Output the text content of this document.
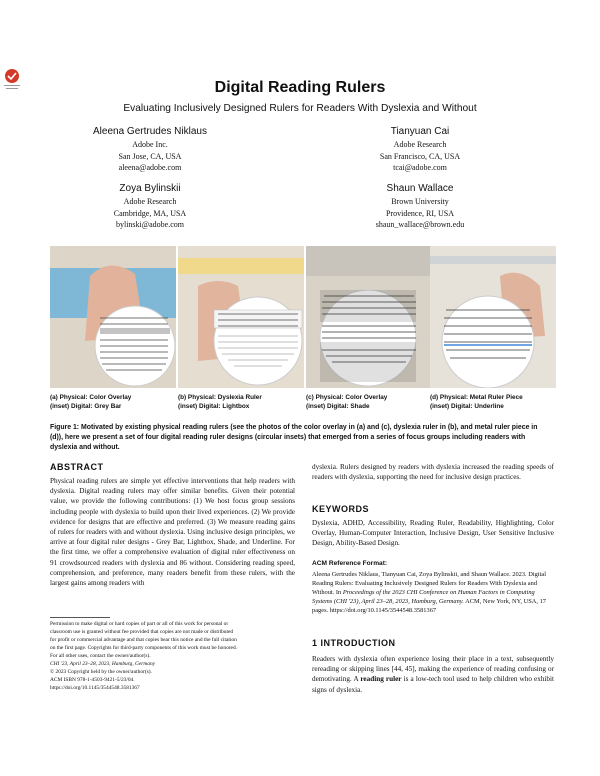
Digital Reading Rulers
Evaluating Inclusively Designed Rulers for Readers With Dyslexia and Without
Aleena Gertrudes Niklaus
Adobe Inc.
San Jose, CA, USA
aleena@adobe.com
Tianyuan Cai
Adobe Research
San Francisco, CA, USA
tcai@adobe.com
Zoya Bylinskii
Adobe Research
Cambridge, MA, USA
bylinski@adobe.com
Shaun Wallace
Brown University
Providence, RI, USA
shaun_wallace@brown.edu
(a) Physical: Color Overlay
(inset) Digital: Grey Bar
(b) Physical: Dyslexia Ruler
(inset) Digital: Lightbox
(c) Physical: Color Overlay
(inset) Digital: Shade
(d) Physical: Metal Ruler Piece
(inset) Digital: Underline
Figure 1: Motivated by existing physical reading rulers (see the photos of the color overlay in (a) and (c), dyslexia ruler in (b), and metal ruler piece in (d)), here we present a set of four digital reading ruler designs (circular insets) that emerged from a series of focus groups including readers with dyslexia and without.
ABSTRACT
Physical reading rulers are simple yet effective interventions that help readers with dyslexia. Digital reading rulers may offer similar benefits. Given their potential value, we provide the following contributions: (1) We host focus group sessions including people with dyslexia to build upon their lived experiences. (2) We provide evidence for designs that are effective and preferred. (3) We measure reading gains of rulers for readers with and without dyslexia. Using inclusive design principles, we arrive at four digital ruler designs - Grey Bar, Lightbox, Shade, and Underline. For the first time, we offer a comprehensive evaluation of digital ruler effectiveness on 91 crowdsourced readers with dyslexia and 86 without. Considering reading speed, comprehension, and preference, many readers benefit from these rulers, with the largest gains among readers with
Permission to make digital or hard copies of part or all of this work for personal or
classroom use is granted without fee provided that copies are not made or distributed
for profit or commercial advantage and that copies bear this notice and the full citation
on the first page. Copyrights for third-party components of this work must be honored.
For all other uses, contact the owner/author(s).
CHI '23, April 23–28, 2023, Hamburg, Germany
© 2023 Copyright held by the owner/author(s).
ACM ISBN 978-1-4503-9421-5/23/04.
https://doi.org/10.1145/3544548.3581367
dyslexia. Rulers designed by readers with dyslexia increased the reading speeds of readers with dyslexia, supporting the need for inclusive design practices.
KEYWORDS
Dyslexia, ADHD, Accessibility, Reading Ruler, Readability, Highlighting, Color Overlay, Human-Computer Interaction, Inclusive Design, User Sensitive Inclusive Design, Ability-Based Design.
ACM Reference Format:
Aleena Gertrudes Niklaus, Tianyuan Cai, Zoya Bylinskii, and Shaun Wallace. 2023. Digital Reading Rulers: Evaluating Inclusively Designed Rulers for Readers With Dyslexia and Without. In Proceedings of the 2023 CHI Conference on Human Factors in Computing Systems (CHI '23), April 23–28, 2023, Hamburg, Germany. ACM, New York, NY, USA, 17 pages. https://doi.org/10.1145/3544548.3581367
1 INTRODUCTION
Readers with dyslexia often experience losing their place in a text, subsequently rereading or skipping lines [44, 45], making the experience of reading confusing or demotivating. A reading ruler is a low-tech tool used to help children who exhibit signs of dyslexia.
